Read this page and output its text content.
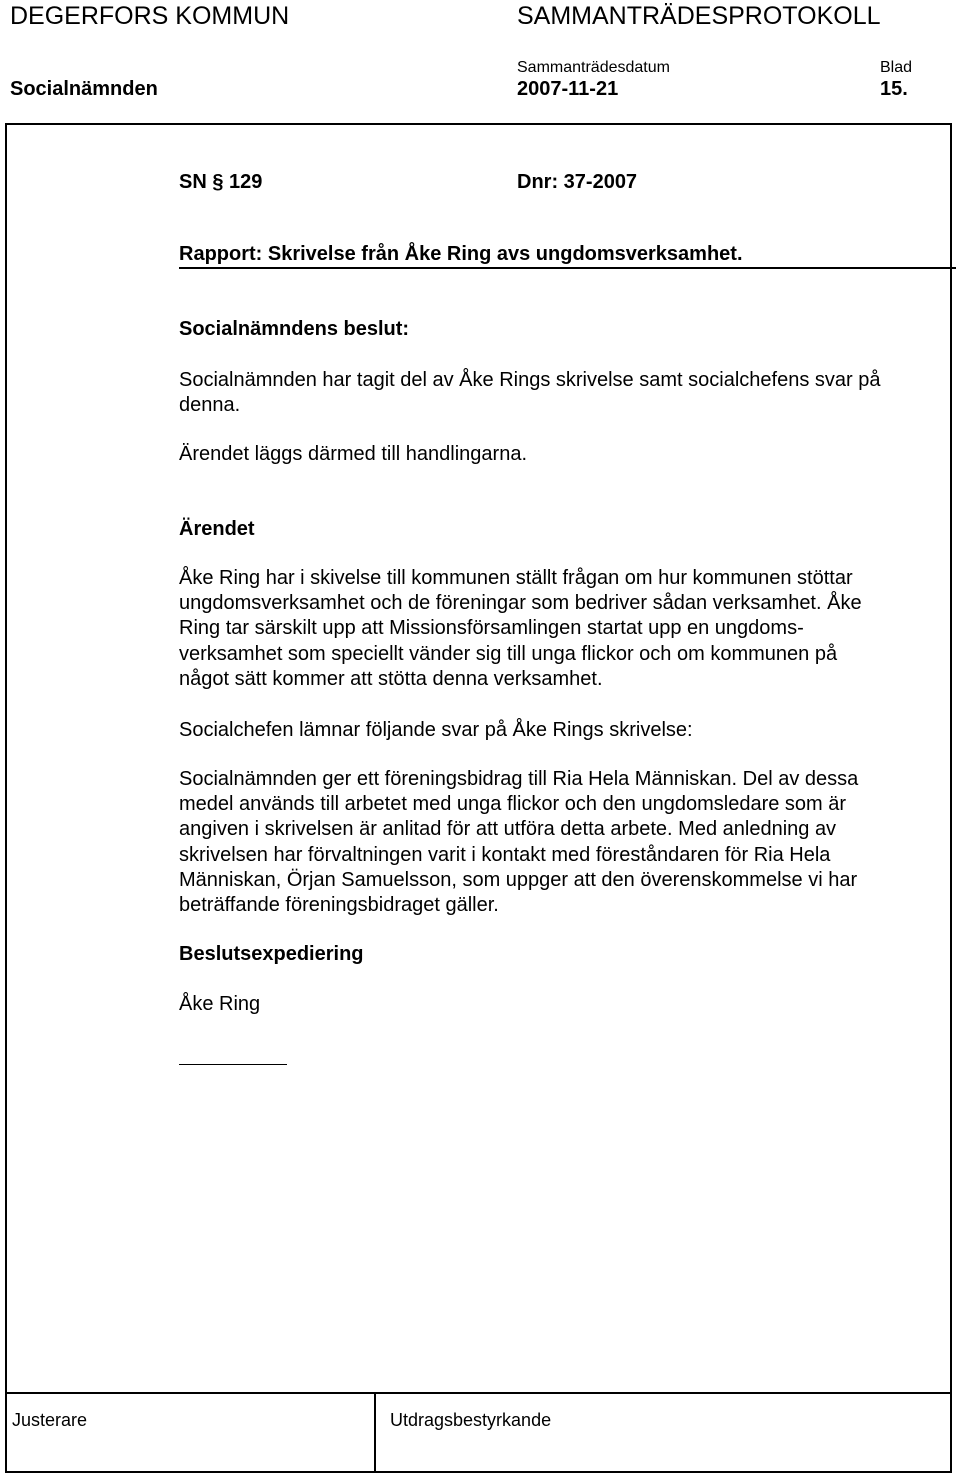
DEGERFORS KOMMUN	SAMMANTRÄDESPROTOKOLL
Sammanträdesdatum	Blad
Socialnämnden	2007-11-21	15.
SN § 129	Dnr: 37-2007
Rapport: Skrivelse från Åke Ring avs ungdomsverksamhet.
Socialnämndens beslut:
Socialnämnden har tagit del av Åke Rings skrivelse samt socialchefens svar på
denna.
Ärendet läggs därmed till handlingarna.
Ärendet
Åke Ring har i skivelse till kommunen ställt frågan om hur kommunen stöttar
ungdomsverksamhet och de föreningar som bedriver sådan verksamhet. Åke
Ring tar särskilt upp att Missionsförsamlingen startat upp en ungdoms-
verksamhet som speciellt vänder sig till unga flickor och om kommunen på
något sätt kommer att stötta denna verksamhet.
Socialchefen lämnar följande svar på Åke Rings skrivelse:
Socialnämnden ger ett föreningsbidrag till Ria Hela Människan. Del av dessa
medel används till arbetet med unga flickor och den ungdomsledare som är
angiven i skrivelsen är anlitad för att utföra detta arbete. Med anledning av
skrivelsen har förvaltningen varit i kontakt med föreståndaren för Ria Hela
Människan, Örjan Samuelsson, som uppger att den överenskommelse vi har
beträffande föreningsbidraget gäller.
Beslutsexpediering
Åke Ring
Justerare	Utdragsbestyrkande
